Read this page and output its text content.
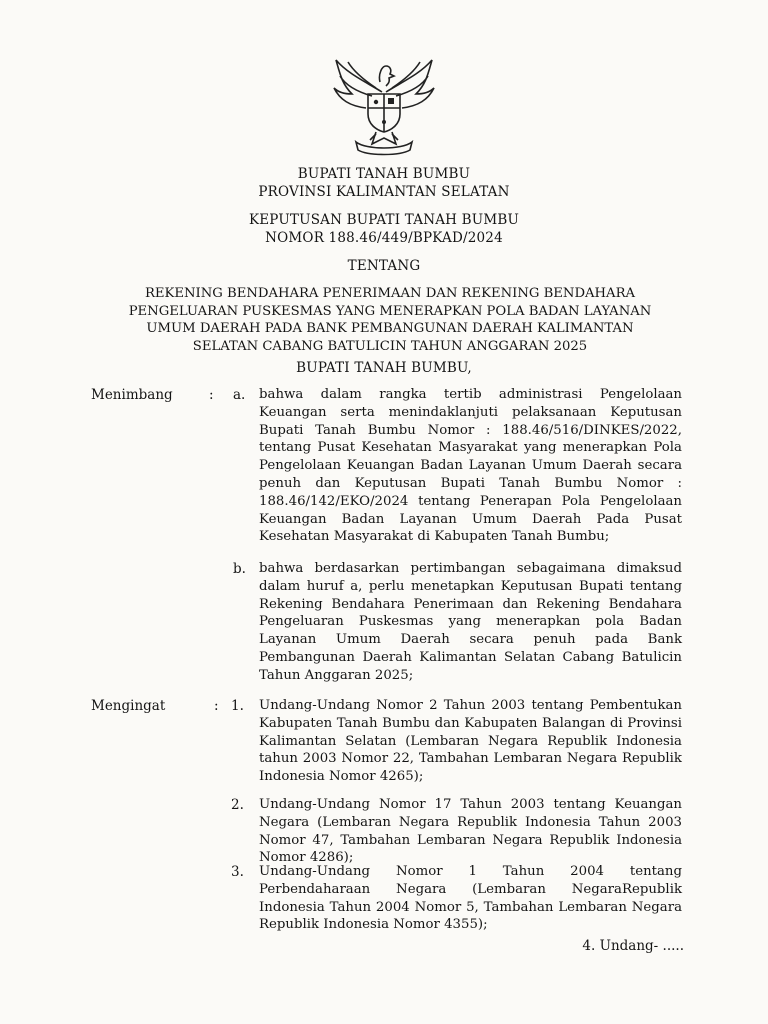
BUPATI TANAH BUMBU
PROVINSI KALIMANTAN SELATAN
KEPUTUSAN BUPATI TANAH BUMBU
NOMOR 188.46/449/BPKAD/2024
TENTANG
REKENING BENDAHARA PENERIMAAN DAN REKENING BENDAHARA
PENGELUARAN PUSKESMAS YANG MENERAPKAN POLA BADAN LAYANAN
UMUM DAERAH PADA BANK PEMBANGUNAN DAERAH KALIMANTAN
SELATAN CABANG BATULICIN TAHUN ANGGARAN 2025
BUPATI TANAH BUMBU,
Menimbang	: a. bahwa dalam rangka tertib administrasi Pengelolaan Keuangan serta menindaklanjuti pelaksanaan Keputusan Bupati Tanah Bumbu Nomor : 188.46/516/DINKES/2022, tentang Pusat Kesehatan Masyarakat yang menerapkan Pola Pengelolaan Keuangan Badan Layanan Umum Daerah secara penuh dan Keputusan Bupati Tanah Bumbu Nomor : 188.46/142/EKO/2024 tentang Penerapan Pola Pengelolaan Keuangan Badan Layanan Umum Daerah Pada Pusat Kesehatan Masyarakat di Kabupaten Tanah Bumbu;
b. bahwa berdasarkan pertimbangan sebagaimana dimaksud dalam huruf a, perlu menetapkan Keputusan Bupati tentang Rekening Bendahara Penerimaan dan Rekening Bendahara Pengeluaran Puskesmas yang menerapkan pola Badan Layanan Umum Daerah secara penuh pada Bank Pembangunan Daerah Kalimantan Selatan Cabang Batulicin Tahun Anggaran 2025;
Mengingat	: 1. Undang-Undang Nomor 2 Tahun 2003 tentang Pembentukan Kabupaten Tanah Bumbu dan Kabupaten Balangan di Provinsi Kalimantan Selatan (Lembaran Negara Republik Indonesia tahun 2003 Nomor 22, Tambahan Lembaran Negara Republik Indonesia Nomor 4265);
2. Undang-Undang Nomor 17 Tahun 2003 tentang Keuangan Negara (Lembaran Negara Republik Indonesia Tahun 2003 Nomor 47, Tambahan Lembaran Negara Republik Indonesia Nomor 4286);
3. Undang-Undang Nomor 1 Tahun 2004 tentang Perbendaharaan Negara (Lembaran NegaraRepublik Indonesia Tahun 2004 Nomor 5, Tambahan Lembaran Negara Republik Indonesia Nomor 4355);
4. Undang- .....
